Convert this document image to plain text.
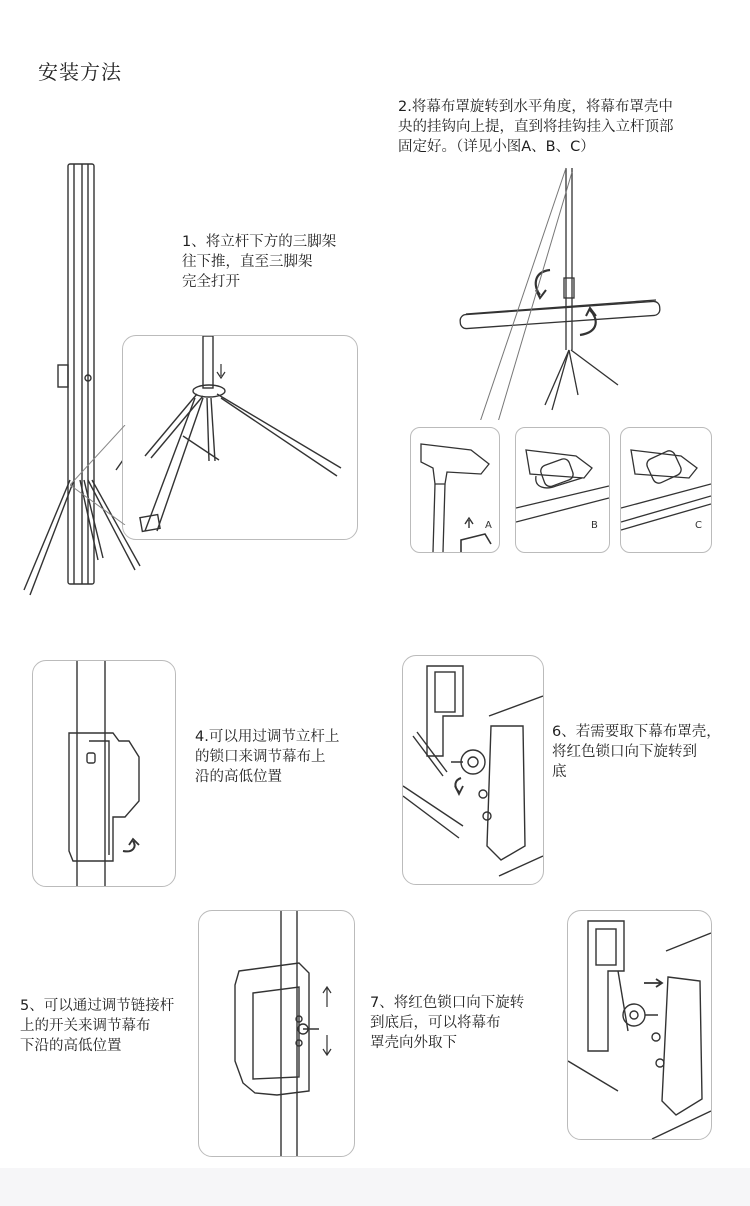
安装方法
1、将立杆下方的三脚架
往下推，直至三脚架
完全打开
2.将幕布罩旋转到水平角度，将幕布罩壳中
央的挂钩向上提，直到将挂钩挂入立杆顶部
固定好。（详见小图A、B、C）
A	B	C
4.可以用过调节立杆上
的锁口来调节幕布上
沿的高低位置
6、若需要取下幕布罩壳，
将红色锁口向下旋转到
底
5、可以通过调节链接杆
上的开关来调节幕布
下沿的高低位置
7、将红色锁口向下旋转
到底后，可以将幕布
罩壳向外取下
